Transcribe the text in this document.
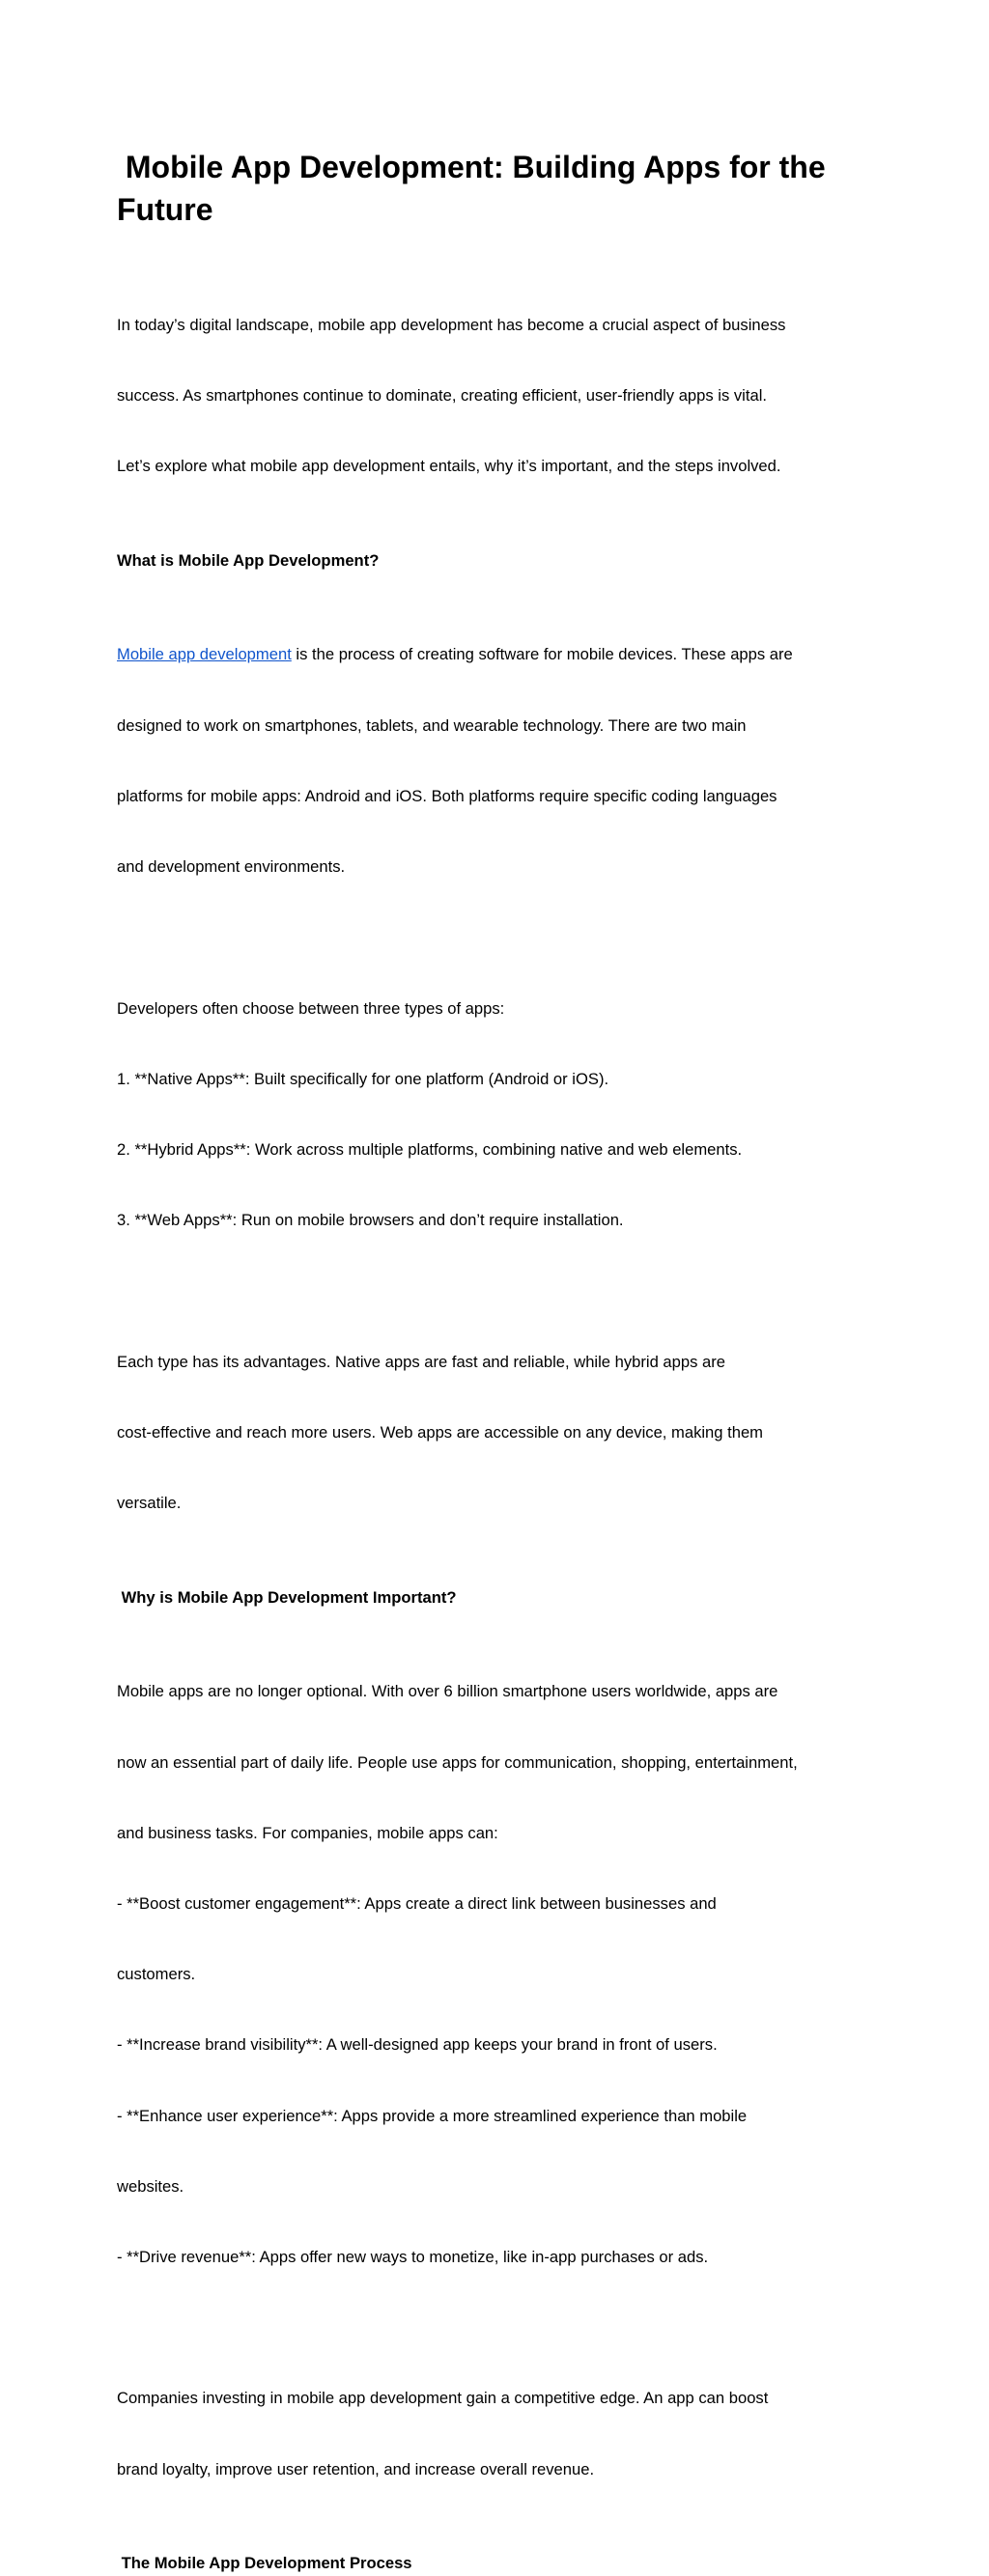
Mobile App Development: Building Apps for the Future

In today’s digital landscape, mobile app development has become a crucial aspect of business

success. As smartphones continue to dominate, creating efficient, user-friendly apps is vital.

Let’s explore what mobile app development entails, why it’s important, and the steps involved.

What is Mobile App Development?

Mobile app development is the process of creating software for mobile devices. These apps are

designed to work on smartphones, tablets, and wearable technology. There are two main

platforms for mobile apps: Android and iOS. Both platforms require specific coding languages

and development environments.

Developers often choose between three types of apps:

1. **Native Apps**: Built specifically for one platform (Android or iOS).

2. **Hybrid Apps**: Work across multiple platforms, combining native and web elements.

3. **Web Apps**: Run on mobile browsers and don’t require installation.

Each type has its advantages. Native apps are fast and reliable, while hybrid apps are

cost-effective and reach more users. Web apps are accessible on any device, making them

versatile.

Why is Mobile App Development Important?

Mobile apps are no longer optional. With over 6 billion smartphone users worldwide, apps are

now an essential part of daily life. People use apps for communication, shopping, entertainment,

and business tasks. For companies, mobile apps can:

- **Boost customer engagement**: Apps create a direct link between businesses and

customers.

- **Increase brand visibility**: A well-designed app keeps your brand in front of users.

- **Enhance user experience**: Apps provide a more streamlined experience than mobile

websites.

- **Drive revenue**: Apps offer new ways to monetize, like in-app purchases or ads.

Companies investing in mobile app development gain a competitive edge. An app can boost

brand loyalty, improve user retention, and increase overall revenue.

The Mobile App Development Process
